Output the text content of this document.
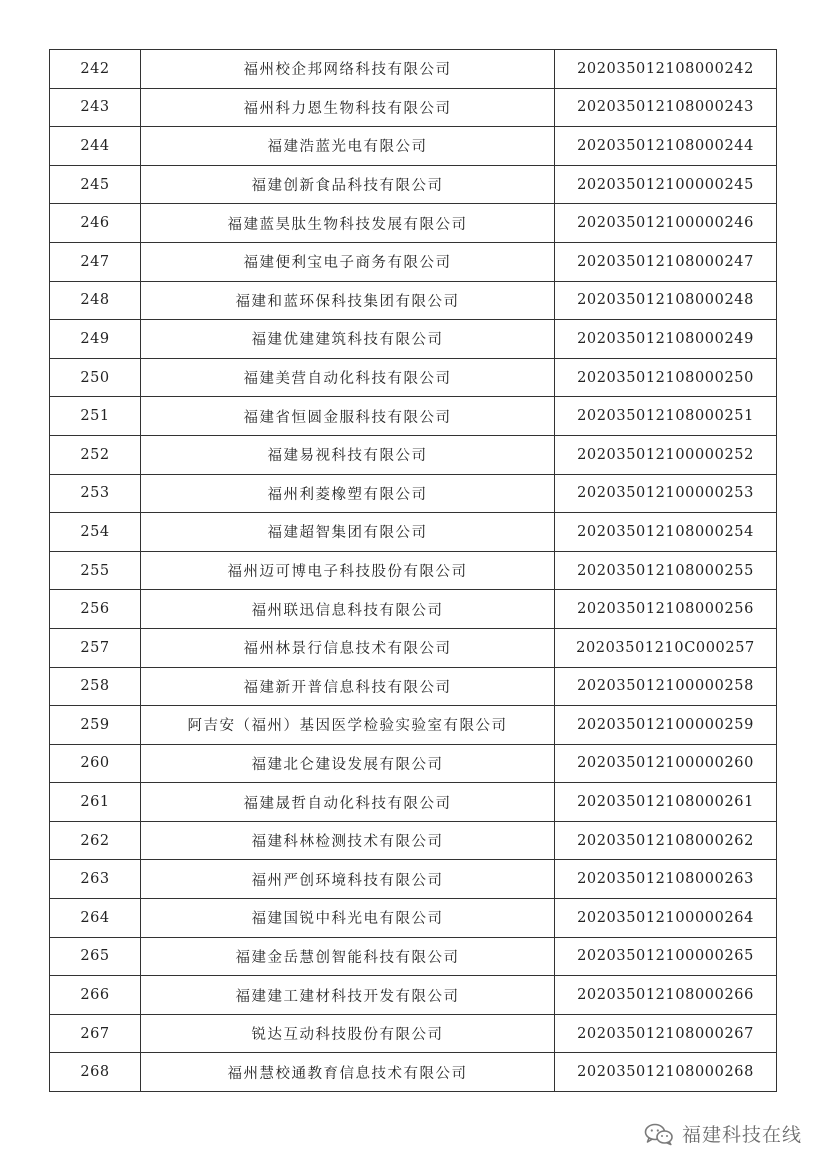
242	福州校企邦网络科技有限公司	202035012108000242
243	福州科力恩生物科技有限公司	202035012108000243
244	福建浩蓝光电有限公司	202035012108000244
245	福建创新食品科技有限公司	202035012100000245
246	福建蓝昊肽生物科技发展有限公司	202035012100000246
247	福建便利宝电子商务有限公司	202035012108000247
248	福建和蓝环保科技集团有限公司	202035012108000248
249	福建优建建筑科技有限公司	202035012108000249
250	福建美营自动化科技有限公司	202035012108000250
251	福建省恒圆金服科技有限公司	202035012108000251
252	福建易视科技有限公司	202035012100000252
253	福州利菱橡塑有限公司	202035012100000253
254	福建超智集团有限公司	202035012108000254
255	福州迈可博电子科技股份有限公司	202035012108000255
256	福州联迅信息科技有限公司	202035012108000256
257	福州林景行信息技术有限公司	20203501210C000257
258	福建新开普信息科技有限公司	202035012100000258
259	阿吉安（福州）基因医学检验实验室有限公司	202035012100000259
260	福建北仑建设发展有限公司	202035012100000260
261	福建晟哲自动化科技有限公司	202035012108000261
262	福建科林检测技术有限公司	202035012108000262
263	福州严创环境科技有限公司	202035012108000263
264	福建国锐中科光电有限公司	202035012100000264
265	福建金岳慧创智能科技有限公司	202035012100000265
266	福建建工建材科技开发有限公司	202035012108000266
267	锐达互动科技股份有限公司	202035012108000267
268	福州慧校通教育信息技术有限公司	202035012108000268
福建科技在线
